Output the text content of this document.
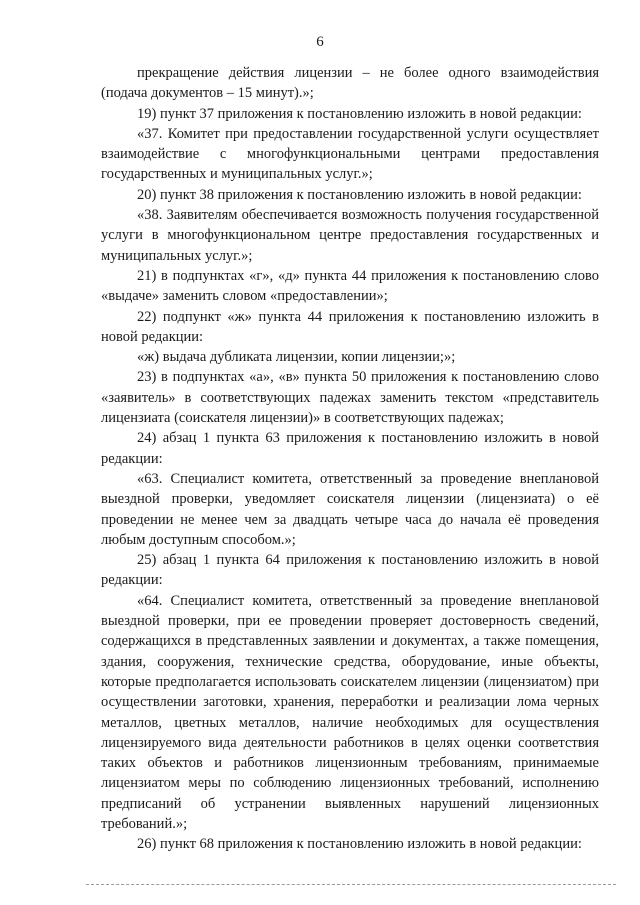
6

прекращение действия лицензии – не более одного взаимодействия (подача документов – 15 минут).»;

19) пункт 37 приложения к постановлению изложить в новой редакции:

«37. Комитет при предоставлении государственной услуги осуществляет взаимодействие с многофункциональными центрами предоставления государственных и муниципальных услуг.»;

20) пункт 38 приложения к постановлению изложить в новой редакции:

«38. Заявителям обеспечивается возможность получения государственной услуги в многофункциональном центре предоставления государственных и муниципальных услуг.»;

21) в подпунктах «г», «д» пункта 44 приложения к постановлению слово «выдаче» заменить словом «предоставлении»;

22) подпункт «ж» пункта 44 приложения к постановлению изложить в новой редакции:

«ж) выдача дубликата лицензии, копии лицензии;»;

23) в подпунктах «а», «в» пункта 50 приложения к постановлению слово «заявитель» в соответствующих падежах заменить текстом «представитель лицензиата (соискателя лицензии)» в соответствующих падежах;

24) абзац 1 пункта 63 приложения к постановлению изложить в новой редакции:

«63. Специалист комитета, ответственный за проведение внеплановой выездной проверки, уведомляет соискателя лицензии (лицензиата) о её проведении не менее чем за двадцать четыре часа до начала её проведения любым доступным способом.»;

25) абзац 1 пункта 64 приложения к постановлению изложить в новой редакции:

«64. Специалист комитета, ответственный за проведение внеплановой выездной проверки, при ее проведении проверяет достоверность сведений, содержащихся в представленных заявлении и документах, а также помещения, здания, сооружения, технические средства, оборудование, иные объекты, которые предполагается использовать соискателем лицензии (лицензиатом) при осуществлении заготовки, хранения, переработки и реализации лома черных металлов, цветных металлов, наличие необходимых для осуществления лицензируемого вида деятельности работников в целях оценки соответствия таких объектов и работников лицензионным требованиям, принимаемые лицензиатом меры по соблюдению лицензионных требований, исполнению предписаний об устранении выявленных нарушений лицензионных требований.»;

26) пункт 68 приложения к постановлению изложить в новой редакции:
